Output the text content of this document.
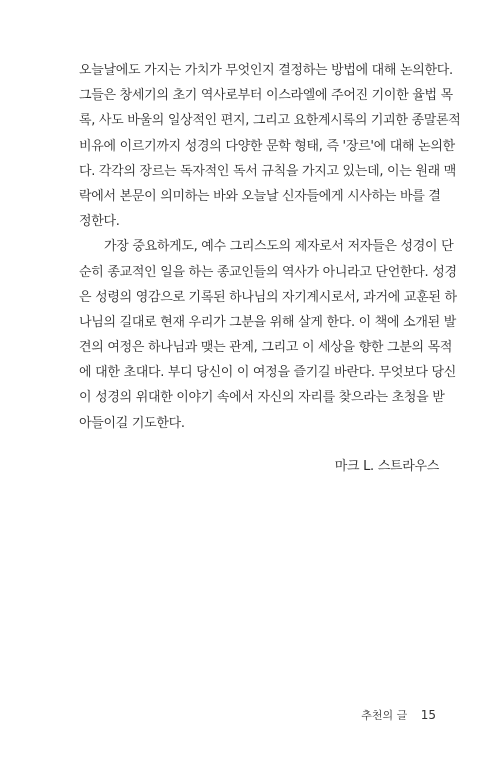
오늘날에도 가지는 가치가 무엇인지 결정하는 방법에 대해 논의한다.
그들은 창세기의 초기 역사로부터 이스라엘에 주어진 기이한 율법 목
록, 사도 바울의 일상적인 편지, 그리고 요한계시록의 기괴한 종말론적
비유에 이르기까지 성경의 다양한 문학 형태, 즉 '장르'에 대해 논의한
다. 각각의 장르는 독자적인 독서 규칙을 가지고 있는데, 이는 원래 맥
락에서 본문이 의미하는 바와 오늘날 신자들에게 시사하는 바를 결
정한다.
가장 중요하게도, 예수 그리스도의 제자로서 저자들은 성경이 단
순히 종교적인 일을 하는 종교인들의 역사가 아니라고 단언한다. 성경
은 성령의 영감으로 기록된 하나님의 자기계시로서, 과거에 교훈된 하
나님의 길대로 현재 우리가 그분을 위해 살게 한다. 이 책에 소개된 발
견의 여정은 하나님과 맺는 관계, 그리고 이 세상을 향한 그분의 목적
에 대한 초대다. 부디 당신이 이 여정을 즐기길 바란다. 무엇보다 당신
이 성경의 위대한 이야기 속에서 자신의 자리를 찾으라는 초청을 받
아들이길 기도한다.
마크 L. 스트라우스
추천의 글 15
